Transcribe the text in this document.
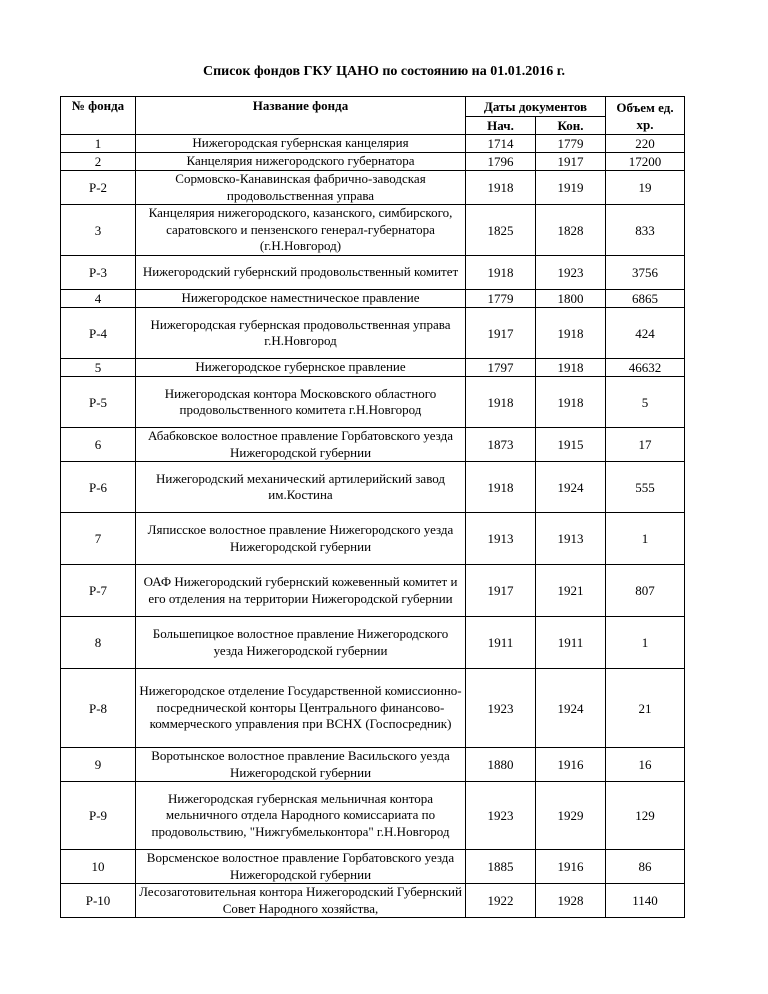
Список фондов ГКУ ЦАНО по состоянию на 01.01.2016 г.
№ фонда	Название фонда	Даты документов		Объем ед. хр.
		Нач.	Кон.	
1	Нижегородская губернская канцелярия	1714	1779	220
2	Канцелярия нижегородского губернатора	1796	1917	17200
Р-2	Сормовско-Канавинская фабрично-заводская продовольственная управа	1918	1919	19
3	Канцелярия нижегородского, казанского, симбирского, саратовского и пензенского генерал-губернатора (г.Н.Новгород)	1825	1828	833
Р-3	Нижегородский губернский продовольственный комитет	1918	1923	3756
4	Нижегородское наместническое правление	1779	1800	6865
Р-4	Нижегородская губернская продовольственная управа г.Н.Новгород	1917	1918	424
5	Нижегородское губернское правление	1797	1918	46632
Р-5	Нижегородская контора Московского областного продовольственного комитета г.Н.Новгород	1918	1918	5
6	Абабковское волостное правление Горбатовского уезда Нижегородской губернии	1873	1915	17
Р-6	Нижегородский механический артилерийский завод им.Костина	1918	1924	555
7	Ляписское волостное правление Нижегородского уезда Нижегородской губернии	1913	1913	1
Р-7	ОАФ Нижегородский губернский кожевенный комитет и его отделения на территории Нижегородской губернии	1917	1921	807
8	Большепицкое волостное правление Нижегородского уезда Нижегородской губернии	1911	1911	1
Р-8	Нижегородское отделение Государственной комиссионно-посреднической конторы Центрального финансово-коммерческого управления при ВСНХ (Госпосредник)	1923	1924	21
9	Воротынское волостное правление Васильского уезда Нижегородской губернии	1880	1916	16
Р-9	Нижегородская губернская мельничная контора мельничного отдела Народного комиссариата по продовольствию, "Нижгубмельконтора" г.Н.Новгород	1923	1929	129
10	Ворсменское волостное правление Горбатовского уезда Нижегородской губернии	1885	1916	86
Р-10	Лесозаготовительная контора Нижегородский Губернский Совет Народного хозяйства,	1922	1928	1140
